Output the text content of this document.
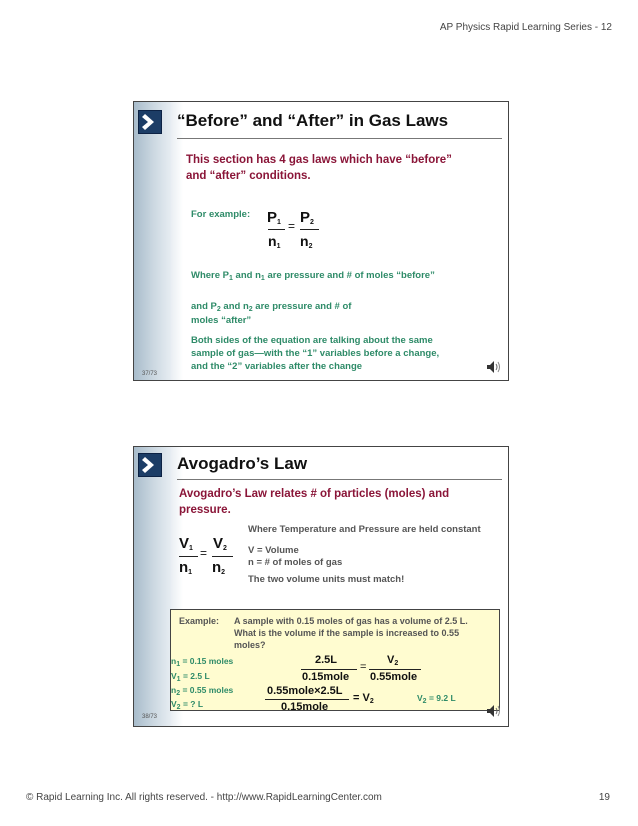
AP Physics Rapid Learning Series - 12
“Before” and “After” in Gas Laws
This section has 4 gas laws which have “before”
and “after” conditions.
For example: $P_1$ $P_2$
=
$n_1$ $n_2$
Where $P_1$ and $n_1$ are pressure and # of moles “before”
and $P_2$ and $n_2$ are pressure and # of
moles “after”
Both sides of the equation are talking about the same
sample of gas—with the “1” variables before a change,
and the “2” variables after the change
37/73
Avogadro’s Law
Avogadro’s Law relates # of particles (moles) and
pressure.
Where Temperature and Pressure are held constant
$V_1$ $V_2$
=
$n_1$ $n_2$
V = Volume
n = # of moles of gas
The two volume units must match!
Example: A sample with 0.15 moles of gas has a volume of 2.5 L.
What is the volume if the sample is increased to 0.55
moles?
2.5L
0.15mole
=
$V_2$
0.55mole
0.55mole×2.5L
0.15mole
= $V_2$	$V_2 = 9.2$ L
$n_1 = 0.15$ moles
$V_1 = 2.5$ L
$n_2 = 0.55$ moles
$V_2$ = ? L
38/73
© Rapid Learning Inc. All rights reserved. - http://www.RapidLearningCenter.com	19
